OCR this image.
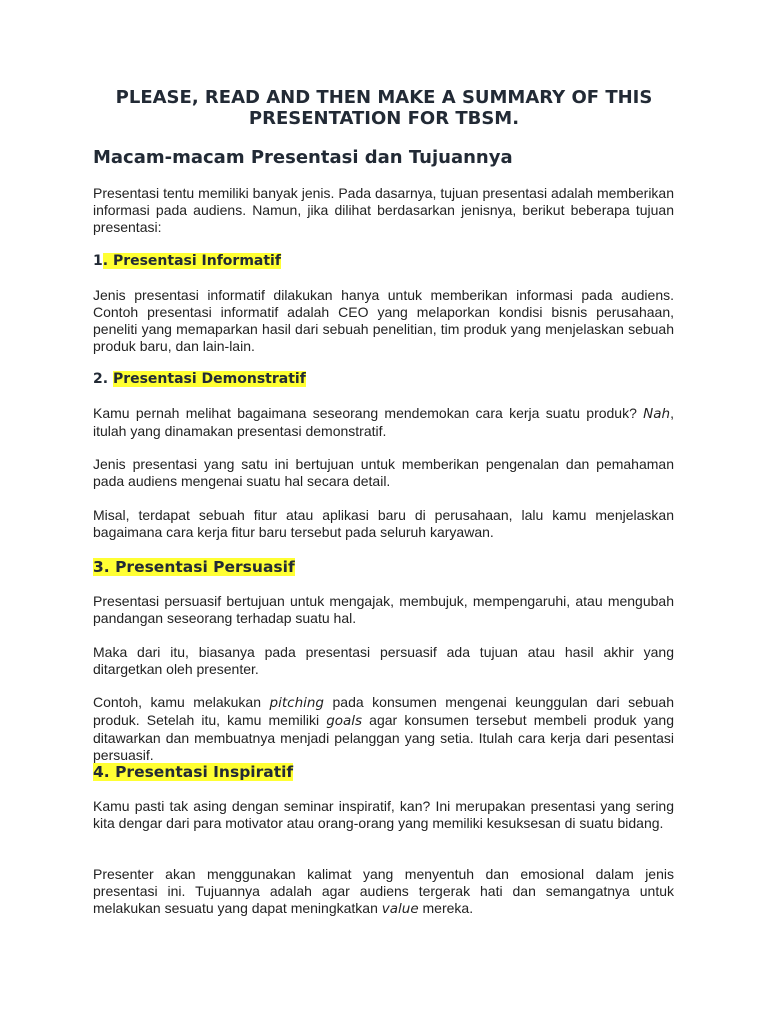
PLEASE, READ AND THEN MAKE A SUMMARY OF THIS PRESENTATION FOR TBSM.
Macam-macam Presentasi dan Tujuannya
Presentasi tentu memiliki banyak jenis. Pada dasarnya, tujuan presentasi adalah memberikan informasi pada audiens. Namun, jika dilihat berdasarkan jenisnya, berikut beberapa tujuan presentasi:
1. Presentasi Informatif
Jenis presentasi informatif dilakukan hanya untuk memberikan informasi pada audiens. Contoh presentasi informatif adalah CEO yang melaporkan kondisi bisnis perusahaan, peneliti yang memaparkan hasil dari sebuah penelitian, tim produk yang menjelaskan sebuah produk baru, dan lain-lain.
2. Presentasi Demonstratif
Kamu pernah melihat bagaimana seseorang mendemokan cara kerja suatu produk? Nah, itulah yang dinamakan presentasi demonstratif.
Jenis presentasi yang satu ini bertujuan untuk memberikan pengenalan dan pemahaman pada audiens mengenai suatu hal secara detail.
Misal, terdapat sebuah fitur atau aplikasi baru di perusahaan, lalu kamu menjelaskan bagaimana cara kerja fitur baru tersebut pada seluruh karyawan.
3. Presentasi Persuasif
Presentasi persuasif bertujuan untuk mengajak, membujuk, mempengaruhi, atau mengubah pandangan seseorang terhadap suatu hal.
Maka dari itu, biasanya pada presentasi persuasif ada tujuan atau hasil akhir yang ditargetkan oleh presenter.
Contoh, kamu melakukan pitching pada konsumen mengenai keunggulan dari sebuah produk. Setelah itu, kamu memiliki goals agar konsumen tersebut membeli produk yang ditawarkan dan membuatnya menjadi pelanggan yang setia. Itulah cara kerja dari pesentasi persuasif.
4. Presentasi Inspiratif
Kamu pasti tak asing dengan seminar inspiratif, kan? Ini merupakan presentasi yang sering kita dengar dari para motivator atau orang-orang yang memiliki kesuksesan di suatu bidang.
Presenter akan menggunakan kalimat yang menyentuh dan emosional dalam jenis presentasi ini. Tujuannya adalah agar audiens tergerak hati dan semangatnya untuk melakukan sesuatu yang dapat meningkatkan value mereka.
